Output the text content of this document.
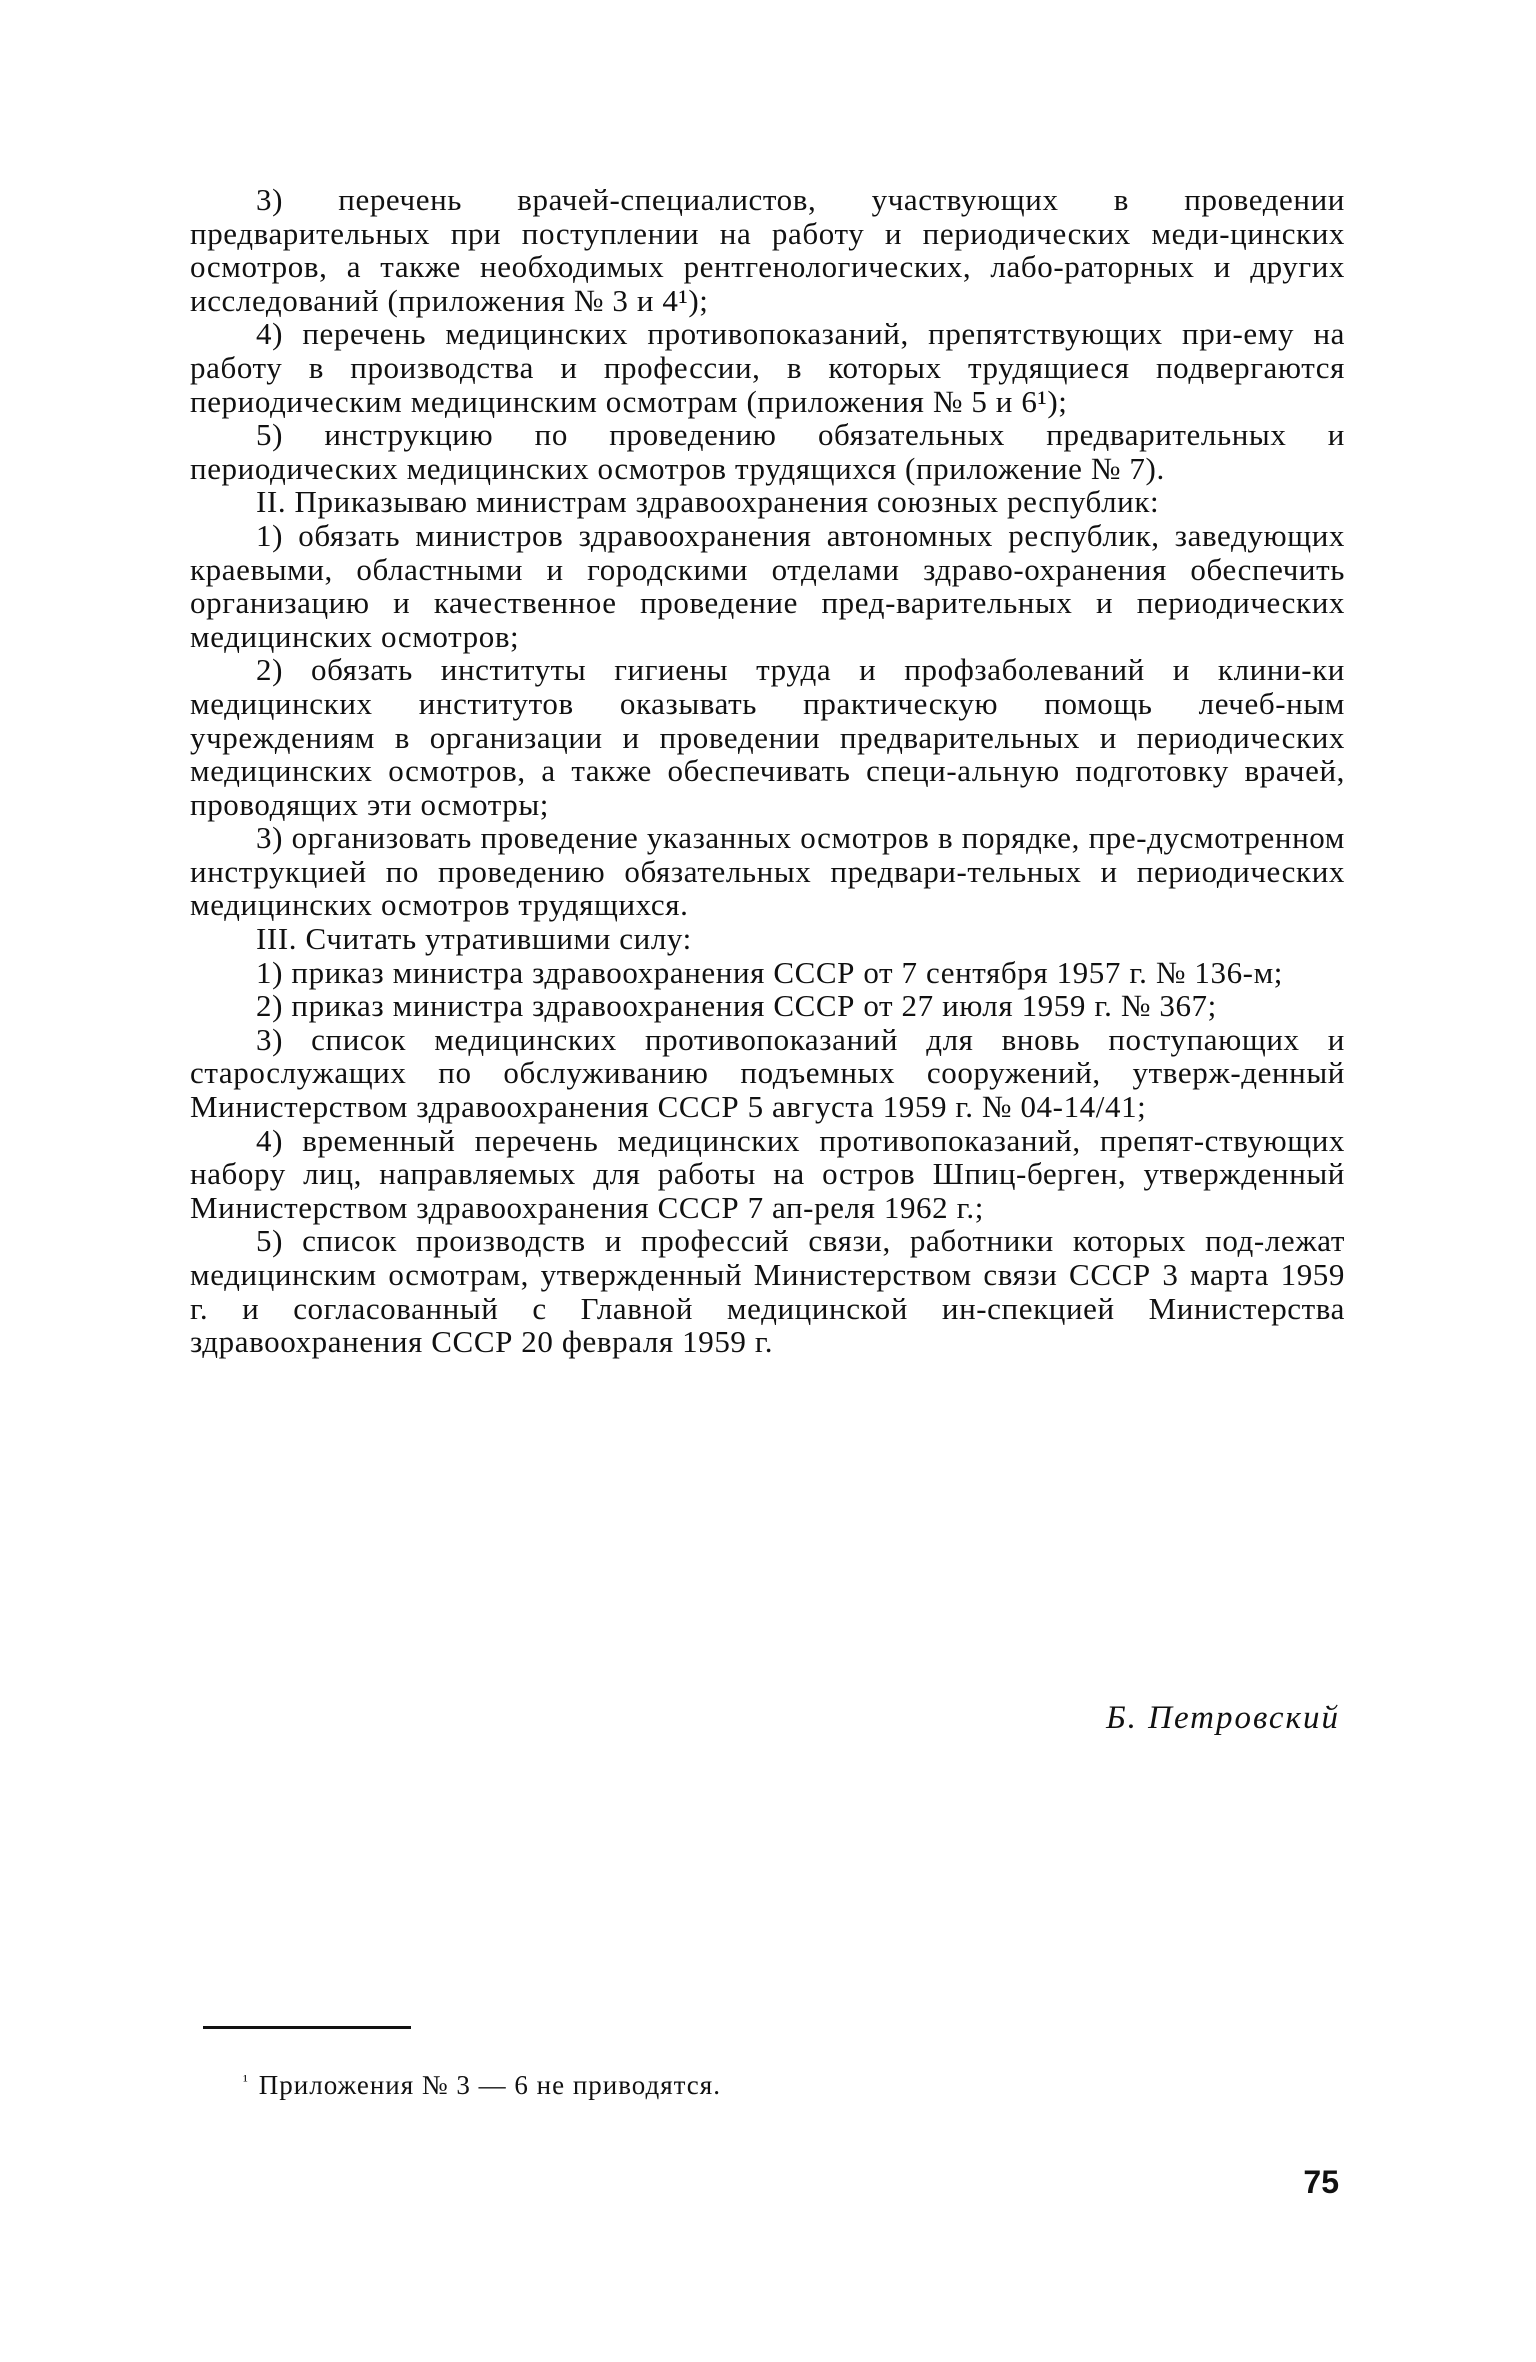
3) перечень врачей-специалистов, участвующих в проведении предварительных при поступлении на работу и периодических меди-цинских осмотров, а также необходимых рентгенологических, лабо-раторных и других исследований (приложения № 3 и 4¹);

4) перечень медицинских противопоказаний, препятствующих при-ему на работу в производства и профессии, в которых трудящиеся подвергаются периодическим медицинским осмотрам (приложения № 5 и 6¹);

5) инструкцию по проведению обязательных предварительных и периодических медицинских осмотров трудящихся (приложение № 7).

II. Приказываю министрам здравоохранения союзных республик:

1) обязать министров здравоохранения автономных республик, заведующих краевыми, областными и городскими отделами здраво-охранения обеспечить организацию и качественное проведение пред-варительных и периодических медицинских осмотров;

2) обязать институты гигиены труда и профзаболеваний и клини-ки медицинских институтов оказывать практическую помощь лечеб-ным учреждениям в организации и проведении предварительных и периодических медицинских осмотров, а также обеспечивать специ-альную подготовку врачей, проводящих эти осмотры;

3) организовать проведение указанных осмотров в порядке, пре-дусмотренном инструкцией по проведению обязательных предвари-тельных и периодических медицинских осмотров трудящихся.

III. Считать утратившими силу:

1) приказ министра здравоохранения СССР от 7 сентября 1957 г. № 136-м;

2) приказ министра здравоохранения СССР от 27 июля 1959 г. № 367;

3) список медицинских противопоказаний для вновь поступающих и старослужащих по обслуживанию подъемных сооружений, утверж-денный Министерством здравоохранения СССР 5 августа 1959 г. № 04-14/41;

4) временный перечень медицинских противопоказаний, препят-ствующих набору лиц, направляемых для работы на остров Шпиц-берген, утвержденный Министерством здравоохранения СССР 7 ап-реля 1962 г.;

5) список производств и профессий связи, работники которых под-лежат медицинским осмотрам, утвержденный Министерством связи СССР 3 марта 1959 г. и согласованный с Главной медицинской ин-спекцией Министерства здравоохранения СССР 20 февраля 1959 г.

Б. Петровский
$^{^1}$ Приложения № 3 — 6 не приводятся.
75
